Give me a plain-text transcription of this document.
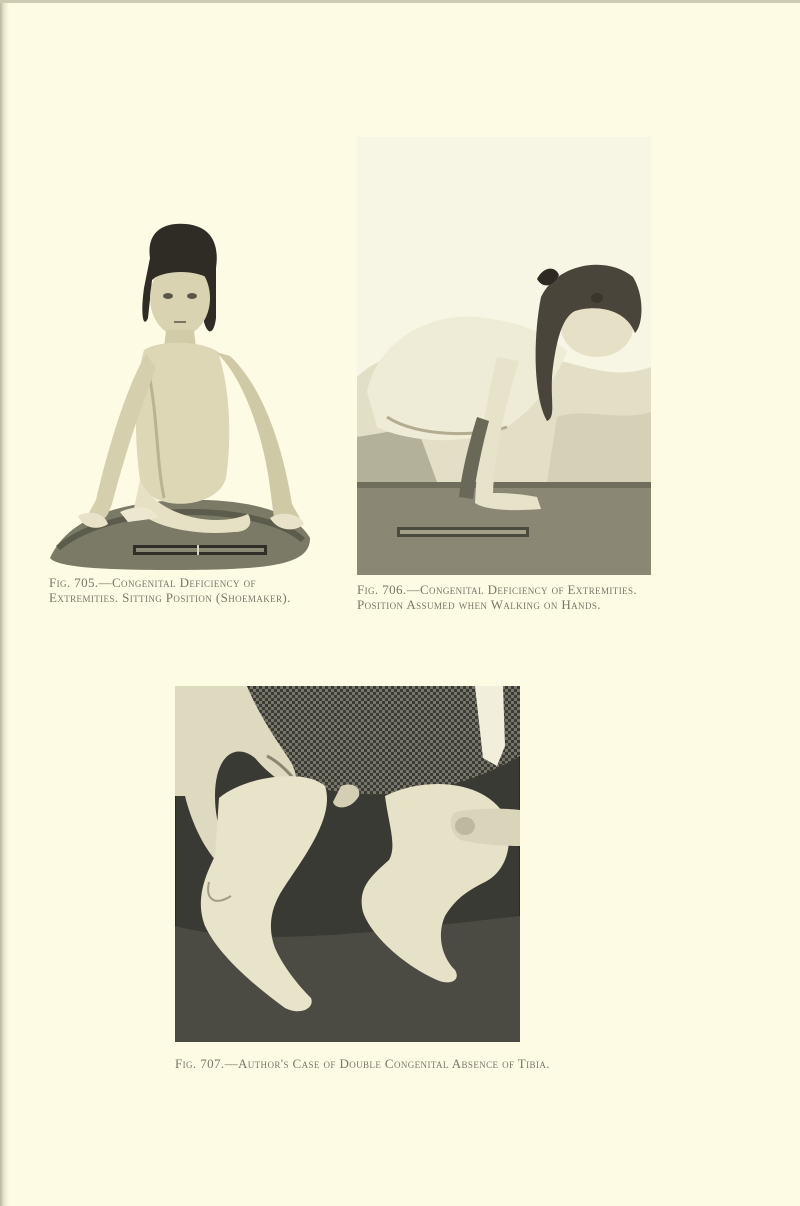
Fig. 705.—Congenital Deficiency of Extremities. Sitting Position (Shoemaker).
Fig. 706.—Congenital Deficiency of Extremities. Position Assumed when Walking on Hands.
Fig. 707.—Author's Case of Double Congenital Absence of Tibia.
